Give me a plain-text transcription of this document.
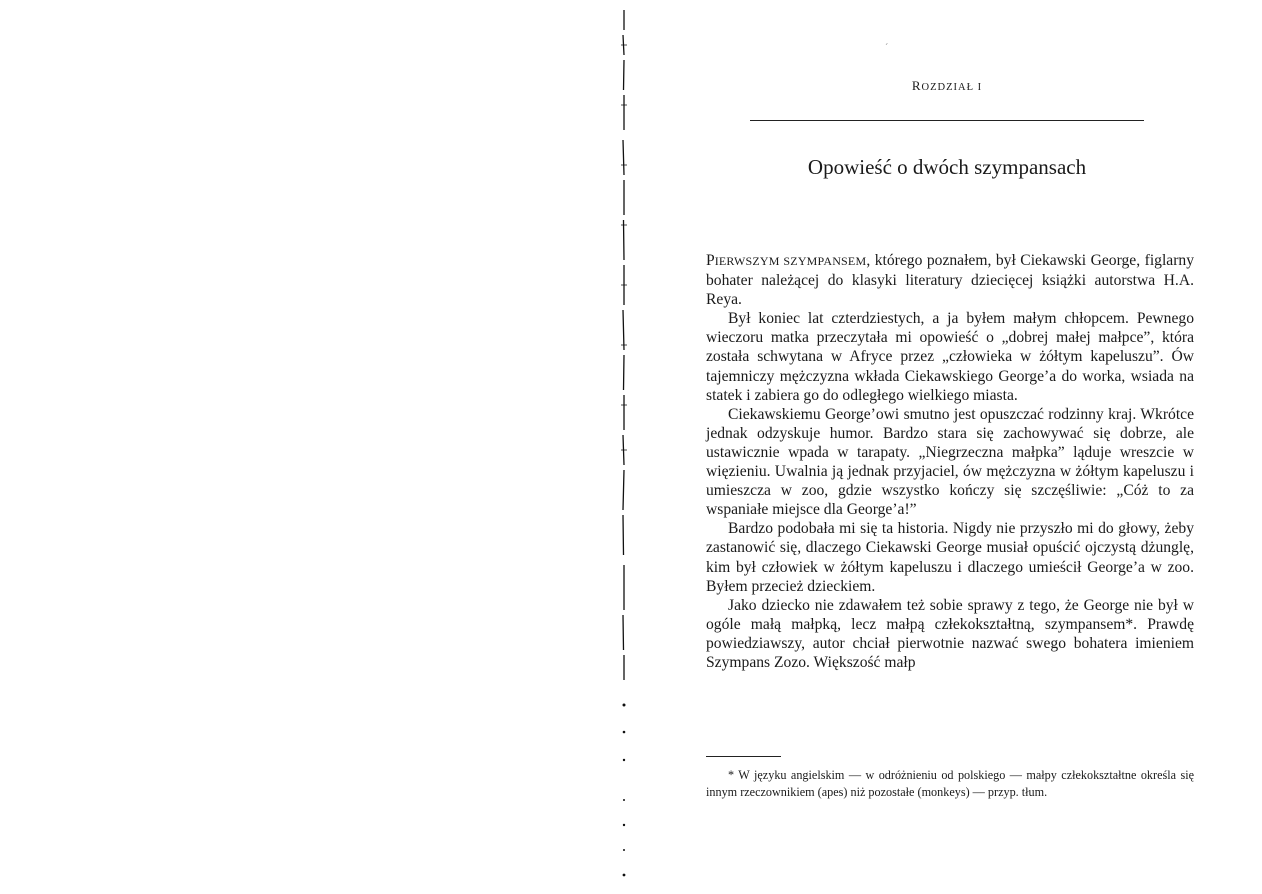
ROZDZIAŁ I
Opowieść o dwóch szympansach

PIERWSZYM SZYMPANSEM, którego poznałem, był Ciekawski George, figlarny bohater należącej do klasyki literatury dziecięcej książki autorstwa H.A. Reya.

Był koniec lat czterdziestych, a ja byłem małym chłopcem. Pewnego wieczoru matka przeczytała mi opowieść o „dobrej małej małpce”, która została schwytana w Afryce przez „człowieka w żółtym kapeluszu”. Ów tajemniczy mężczyzna wkłada Ciekawskiego George’a do worka, wsiada na statek i zabiera go do odległego wielkiego miasta.

Ciekawskiemu George’owi smutno jest opuszczać rodzinny kraj. Wkrótce jednak odzyskuje humor. Bardzo stara się zachowywać się dobrze, ale ustawicznie wpada w tarapaty. „Niegrzeczna małpka” ląduje wreszcie w więzieniu. Uwalnia ją jednak przyjaciel, ów mężczyzna w żółtym kapeluszu i umieszcza w zoo, gdzie wszystko kończy się szczęśliwie: „Cóż to za wspaniałe miejsce dla George’a!”

Bardzo podobała mi się ta historia. Nigdy nie przyszło mi do głowy, żeby zastanowić się, dlaczego Ciekawski George musiał opuścić ojczystą dżunglę, kim był człowiek w żółtym kapeluszu i dlaczego umieścił George’a w zoo. Byłem przecież dzieckiem.

Jako dziecko nie zdawałem też sobie sprawy z tego, że George nie był w ogóle małą małpką, lecz małpą człekokształtną, szympansem*. Prawdę powiedziawszy, autor chciał pierwotnie nazwać swego bohatera imieniem Szympans Zozo. Większość małp

* W języku angielskim — w odróżnieniu od polskiego — małpy człekokształtne określa się innym rzeczownikiem (apes) niż pozostałe (monkeys) — przyp. tłum.

´
